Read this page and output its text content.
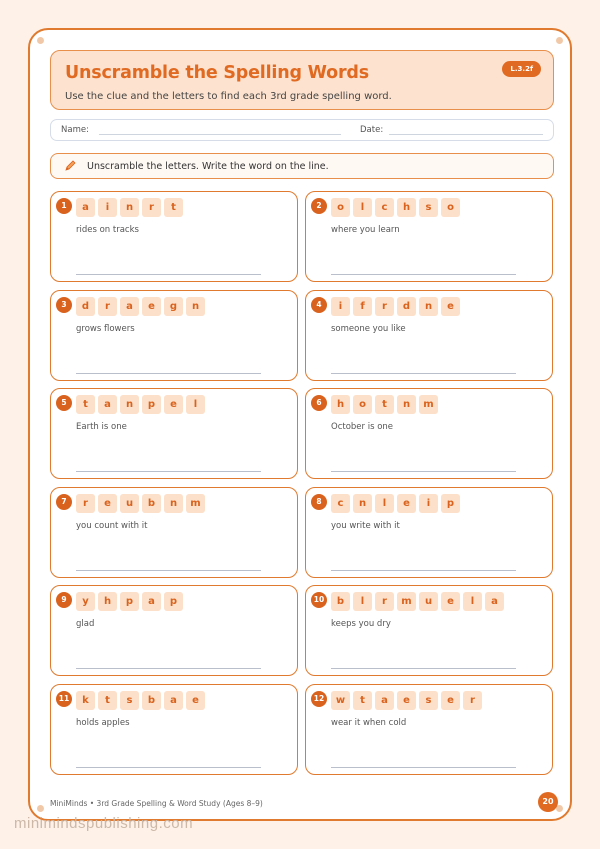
Unscramble the Spelling Words
Use the clue and the letters to find each 3rd grade spelling word.
L.3.2f
Name:	Date:
Unscramble the letters. Write the word on the line.
1	a	i	n	r	t
rides on tracks
2	o	l	c	h	s	o
where you learn
3	d	r	a	e	g	n
grows flowers
4	i	f	r	d	n	e
someone you like
5	t	a	n	p	e	l
Earth is one
6	h	o	t	n	m
October is one
7	r	e	u	b	n	m
you count with it
8	c	n	l	e	i	p
you write with it
9	y	h	p	a	p
glad
10	b	l	r	m	u	e	l	a
keeps you dry
11	k	t	s	b	a	e
holds apples
12	w	t	a	e	s	e	r
wear it when cold
MiniMinds • 3rd Grade Spelling & Word Study (Ages 8–9)	20
minimindspublishing.com
